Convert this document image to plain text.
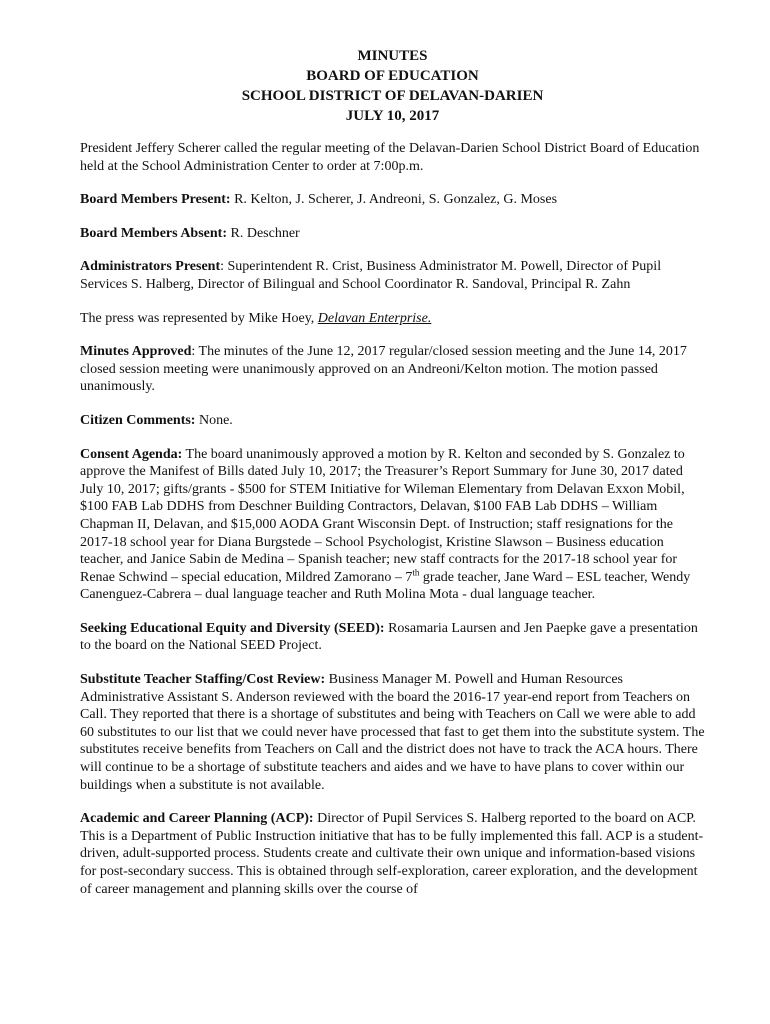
MINUTES
BOARD OF EDUCATION
SCHOOL DISTRICT OF DELAVAN-DARIEN
JULY 10, 2017

President Jeffery Scherer called the regular meeting of the Delavan-Darien School District Board of Education held at the School Administration Center to order at 7:00p.m.

Board Members Present: R. Kelton, J. Scherer, J. Andreoni, S. Gonzalez, G. Moses

Board Members Absent: R. Deschner

Administrators Present: Superintendent R. Crist, Business Administrator M. Powell, Director of Pupil Services S. Halberg, Director of Bilingual and School Coordinator R. Sandoval, Principal R. Zahn

The press was represented by Mike Hoey, Delavan Enterprise.

Minutes Approved: The minutes of the June 12, 2017 regular/closed session meeting and the June 14, 2017 closed session meeting were unanimously approved on an Andreoni/Kelton motion. The motion passed unanimously.

Citizen Comments: None.

Consent Agenda: The board unanimously approved a motion by R. Kelton and seconded by S. Gonzalez to approve the Manifest of Bills dated July 10, 2017; the Treasurer’s Report Summary for June 30, 2017 dated July 10, 2017; gifts/grants - $500 for STEM Initiative for Wileman Elementary from Delavan Exxon Mobil, $100 FAB Lab DDHS from Deschner Building Contractors, Delavan, $100 FAB Lab DDHS – William Chapman II, Delavan, and $15,000 AODA Grant Wisconsin Dept. of Instruction; staff resignations for the 2017-18 school year for Diana Burgstede – School Psychologist, Kristine Slawson – Business education teacher, and Janice Sabin de Medina – Spanish teacher; new staff contracts for the 2017-18 school year for Renae Schwind – special education, Mildred Zamorano – 7th grade teacher, Jane Ward – ESL teacher, Wendy Canenguez-Cabrera – dual language teacher and Ruth Molina Mota - dual language teacher.

Seeking Educational Equity and Diversity (SEED): Rosamaria Laursen and Jen Paepke gave a presentation to the board on the National SEED Project.

Substitute Teacher Staffing/Cost Review: Business Manager M. Powell and Human Resources Administrative Assistant S. Anderson reviewed with the board the 2016-17 year-end report from Teachers on Call. They reported that there is a shortage of substitutes and being with Teachers on Call we were able to add 60 substitutes to our list that we could never have processed that fast to get them into the substitute system. The substitutes receive benefits from Teachers on Call and the district does not have to track the ACA hours. There will continue to be a shortage of substitute teachers and aides and we have to have plans to cover within our buildings when a substitute is not available.

Academic and Career Planning (ACP): Director of Pupil Services S. Halberg reported to the board on ACP. This is a Department of Public Instruction initiative that has to be fully implemented this fall. ACP is a student-driven, adult-supported process. Students create and cultivate their own unique and information-based visions for post-secondary success. This is obtained through self-exploration, career exploration, and the development of career management and planning skills over the course of
